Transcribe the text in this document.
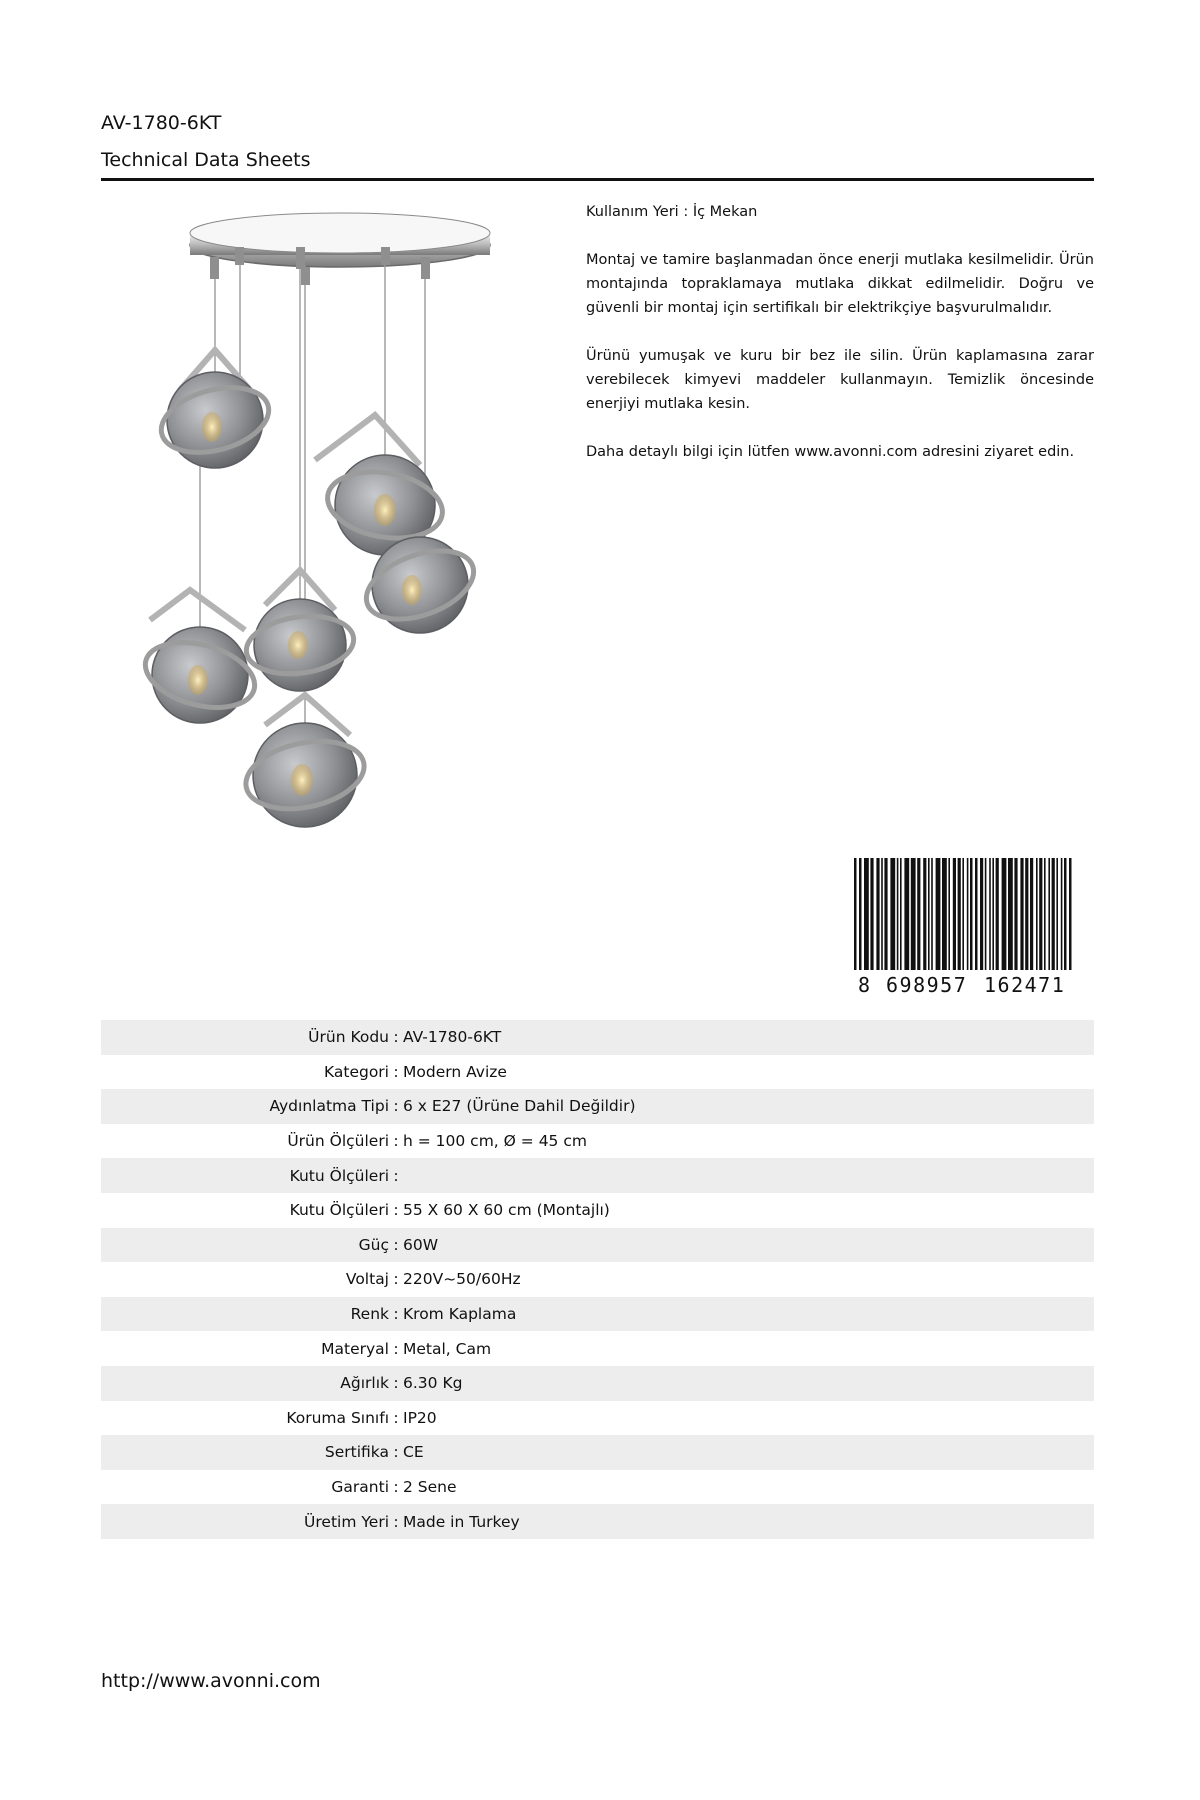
AV-1780-6KT
Technical Data Sheets

Kullanım Yeri : İç Mekan

Montaj ve tamire başlanmadan önce enerji mutlaka kesilmelidir. Ürün montajında topraklamaya mutlaka dikkat edilmelidir. Doğru ve güvenli bir montaj için sertifikalı bir elektrikçiye başvurulmalıdır.

Ürünü yumuşak ve kuru bir bez ile silin. Ürün kaplamasına zarar verebilecek kimyevi maddeler kullanmayın. Temizlik öncesinde enerjiyi mutlaka kesin.

Daha detaylı bilgi için lütfen www.avonni.com adresini ziyaret edin.

8 698957 162471
Ürün Kodu : AV-1780-6KT
Kategori : Modern Avize
Aydınlatma Tipi : 6 x E27 (Ürüne Dahil Değildir)
Ürün Ölçüleri : h = 100 cm, Ø = 45 cm
Kutu Ölçüleri :
Kutu Ölçüleri : 55 X 60 X 60 cm (Montajlı)
Güç : 60W
Voltaj : 220V~50/60Hz
Renk : Krom Kaplama
Materyal : Metal, Cam
Ağırlık : 6.30 Kg
Koruma Sınıfı : IP20
Sertifika : CE
Garanti : 2 Sene
Üretim Yeri : Made in Turkey
http://www.avonni.com
